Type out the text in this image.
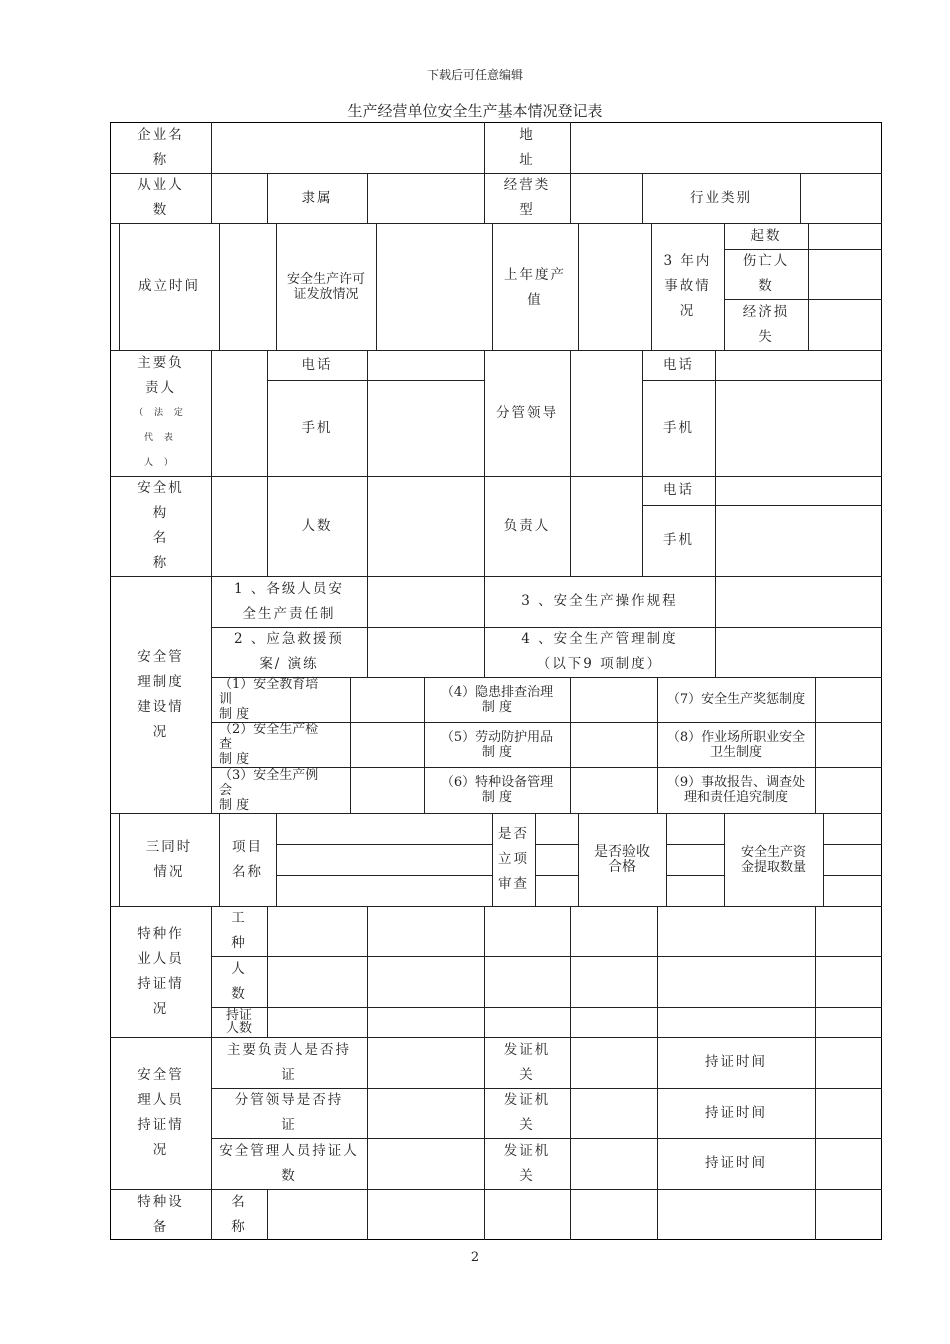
下载后可任意编辑
生产经营单位安全生产基本情况登记表
企业名
称
地
址
从业人
数
隶属
经营类
型
行业类别
成立时间	安全生产许可
证发放情况
上年度产
值
3 年内
事故情
况
起数
伤亡人
数
经济损
失
主要负
责人
（ 法 定
代 表
人 ）
电话
手机
分管领导
电话
手机
安全机
构
名
称
人数	负责人
电话
手机
安全管
理制度
建设情
况
1 、各级人员安
全生产责任制
3 、安全生产操作规程
2 、应急救援预
案/ 演练
4 、安全生产管理制度
（以下9 项制度）
（1）安全教育培
训
制 度
（2）安全生产检
查
制 度
（3）安全生产例
会
制 度
（4）隐患排查治理
制 度
（5）劳动防护用品
制 度
（6）特种设备管理
制 度
（7）安全生产奖惩制度
（8）作业场所职业安全
卫生制度
（9）事故报告、调查处
理和责任追究制度
三同时
情况
项目
名称
是否
立项
审查
是否验收
合格
安全生产资
金提取数量
特种作
业人员
持证情
况
工
种
人
数
持证
人数
安全管
理人员
持证情
况
主要负责人是否持
证
分管领导是否持
证
安全管理人员持证人
数
发证机
关
发证机
关
发证机
关
持证时间
持证时间
持证时间
特种设
备
名
称
2
